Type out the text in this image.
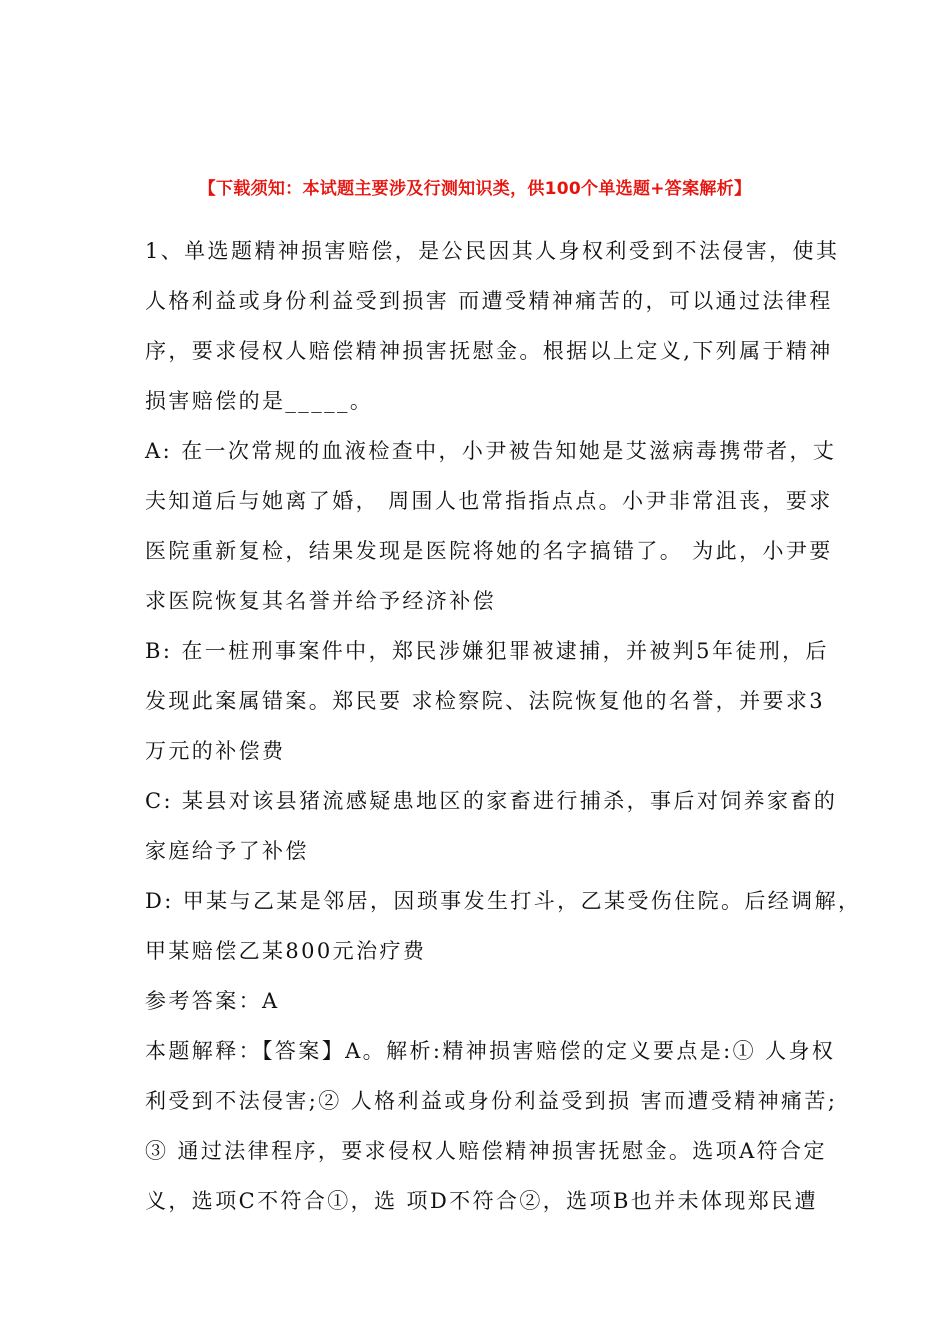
【下载须知：本试题主要涉及行测知识类，供100个单选题+答案解析】
1、单选题精神损害赔偿，是公民因其人身权利受到不法侵害，使其
人格利益或身份利益受到损害 而遭受精神痛苦的，可以通过法律程
序，要求侵权人赔偿精神损害抚慰金。根据以上定义,下列属于精神
损害赔偿的是_____。
A: 在一次常规的血液检查中，小尹被告知她是艾滋病毒携带者，丈
夫知道后与她离了婚， 周围人也常指指点点。小尹非常沮丧，要求
医院重新复检，结果发现是医院将她的名字搞错了。 为此，小尹要
求医院恢复其名誉并给予经济补偿
B: 在一桩刑事案件中，郑民涉嫌犯罪被逮捕，并被判5年徒刑，后
发现此案属错案。郑民要 求检察院、法院恢复他的名誉，并要求3
万元的补偿费
C: 某县对该县猪流感疑患地区的家畜进行捕杀，事后对饲养家畜的
家庭给予了补偿
D: 甲某与乙某是邻居，因琐事发生打斗，乙某受伤住院。后经调解，
甲某赔偿乙某800元治疗费
参考答案：A
本题解释：【答案】A。解析:精神损害赔偿的定义要点是:① 人身权
利受到不法侵害;② 人格利益或身份利益受到损 害而遭受精神痛苦;
③ 通过法律程序，要求侵权人赔偿精神损害抚慰金。选项A符合定
义，选项C不符合①，选 项D不符合②，选项B也并未体现郑民遭
